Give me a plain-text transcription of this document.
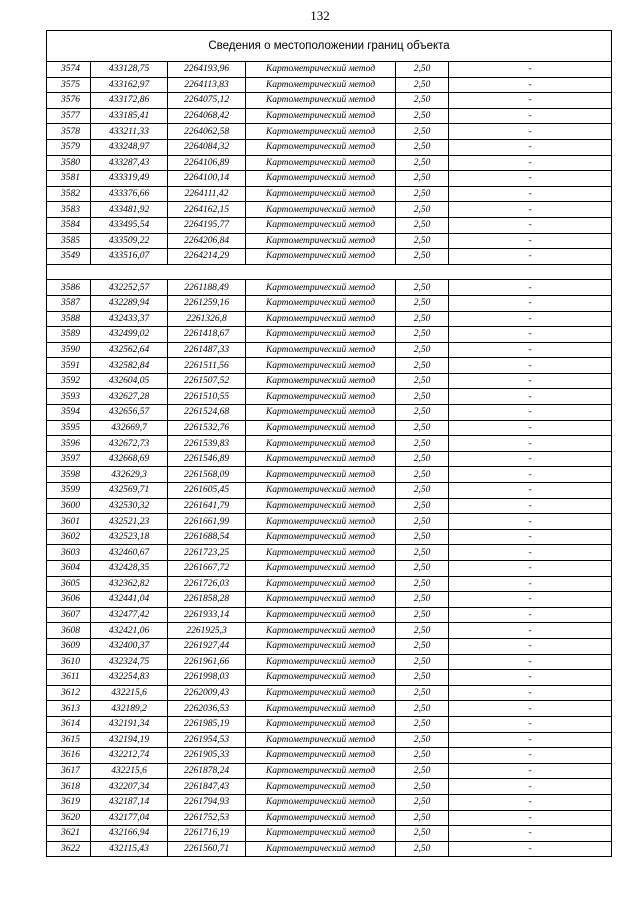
132
Сведения о местоположении границ объекта					
3574	433128,75	2264193,96	Картометрический метод	2,50	-
3575	433162,97	2264113,83	Картометрический метод	2,50	-
3576	433172,86	2264075,12	Картометрический метод	2,50	-
3577	433185,41	2264068,42	Картометрический метод	2,50	-
3578	433211,33	2264062,58	Картометрический метод	2,50	-
3579	433248,97	2264084,32	Картометрический метод	2,50	-
3580	433287,43	2264106,89	Картометрический метод	2,50	-
3581	433319,49	2264100,14	Картометрический метод	2,50	-
3582	433376,66	2264111,42	Картометрический метод	2,50	-
3583	433481,92	2264162,15	Картометрический метод	2,50	-
3584	433495,54	2264195,77	Картометрический метод	2,50	-
3585	433509,22	2264206,84	Картометрический метод	2,50	-
3549	433516,07	2264214,29	Картометрический метод	2,50	-

3586	432252,57	2261188,49	Картометрический метод	2,50	-
3587	432289,94	2261259,16	Картометрический метод	2,50	-
3588	432433,37	2261326,8	Картометрический метод	2,50	-
3589	432499,02	2261418,67	Картометрический метод	2,50	-
3590	432562,64	2261487,33	Картометрический метод	2,50	-
3591	432582,84	2261511,56	Картометрический метод	2,50	-
3592	432604,05	2261507,52	Картометрический метод	2,50	-
3593	432627,28	2261510,55	Картометрический метод	2,50	-
3594	432656,57	2261524,68	Картометрический метод	2,50	-
3595	432669,7	2261532,76	Картометрический метод	2,50	-
3596	432672,73	2261539,83	Картометрический метод	2,50	-
3597	432668,69	2261546,89	Картометрический метод	2,50	-
3598	432629,3	2261568,09	Картометрический метод	2,50	-
3599	432569,71	2261605,45	Картометрический метод	2,50	-
3600	432530,32	2261641,79	Картометрический метод	2,50	-
3601	432521,23	2261661,99	Картометрический метод	2,50	-
3602	432523,18	2261688,54	Картометрический метод	2,50	-
3603	432460,67	2261723,25	Картометрический метод	2,50	-
3604	432428,35	2261667,72	Картометрический метод	2,50	-
3605	432362,82	2261726,03	Картометрический метод	2,50	-
3606	432441,04	2261858,28	Картометрический метод	2,50	-
3607	432477,42	2261933,14	Картометрический метод	2,50	-
3608	432421,06	2261925,3	Картометрический метод	2,50	-
3609	432400,37	2261927,44	Картометрический метод	2,50	-
3610	432324,75	2261961,66	Картометрический метод	2,50	-
3611	432254,83	2261998,03	Картометрический метод	2,50	-
3612	432215,6	2262009,43	Картометрический метод	2,50	-
3613	432189,2	2262036,53	Картометрический метод	2,50	-
3614	432191,34	2261985,19	Картометрический метод	2,50	-
3615	432194,19	2261954,53	Картометрический метод	2,50	-
3616	432212,74	2261905,33	Картометрический метод	2,50	-
3617	432215,6	2261878,24	Картометрический метод	2,50	-
3618	432207,34	2261847,43	Картометрический метод	2,50	-
3619	432187,14	2261794,93	Картометрический метод	2,50	-
3620	432177,04	2261752,53	Картометрический метод	2,50	-
3621	432166,94	2261716,19	Картометрический метод	2,50	-
3622	432115,43	2261560,71	Картометрический метод	2,50	-
